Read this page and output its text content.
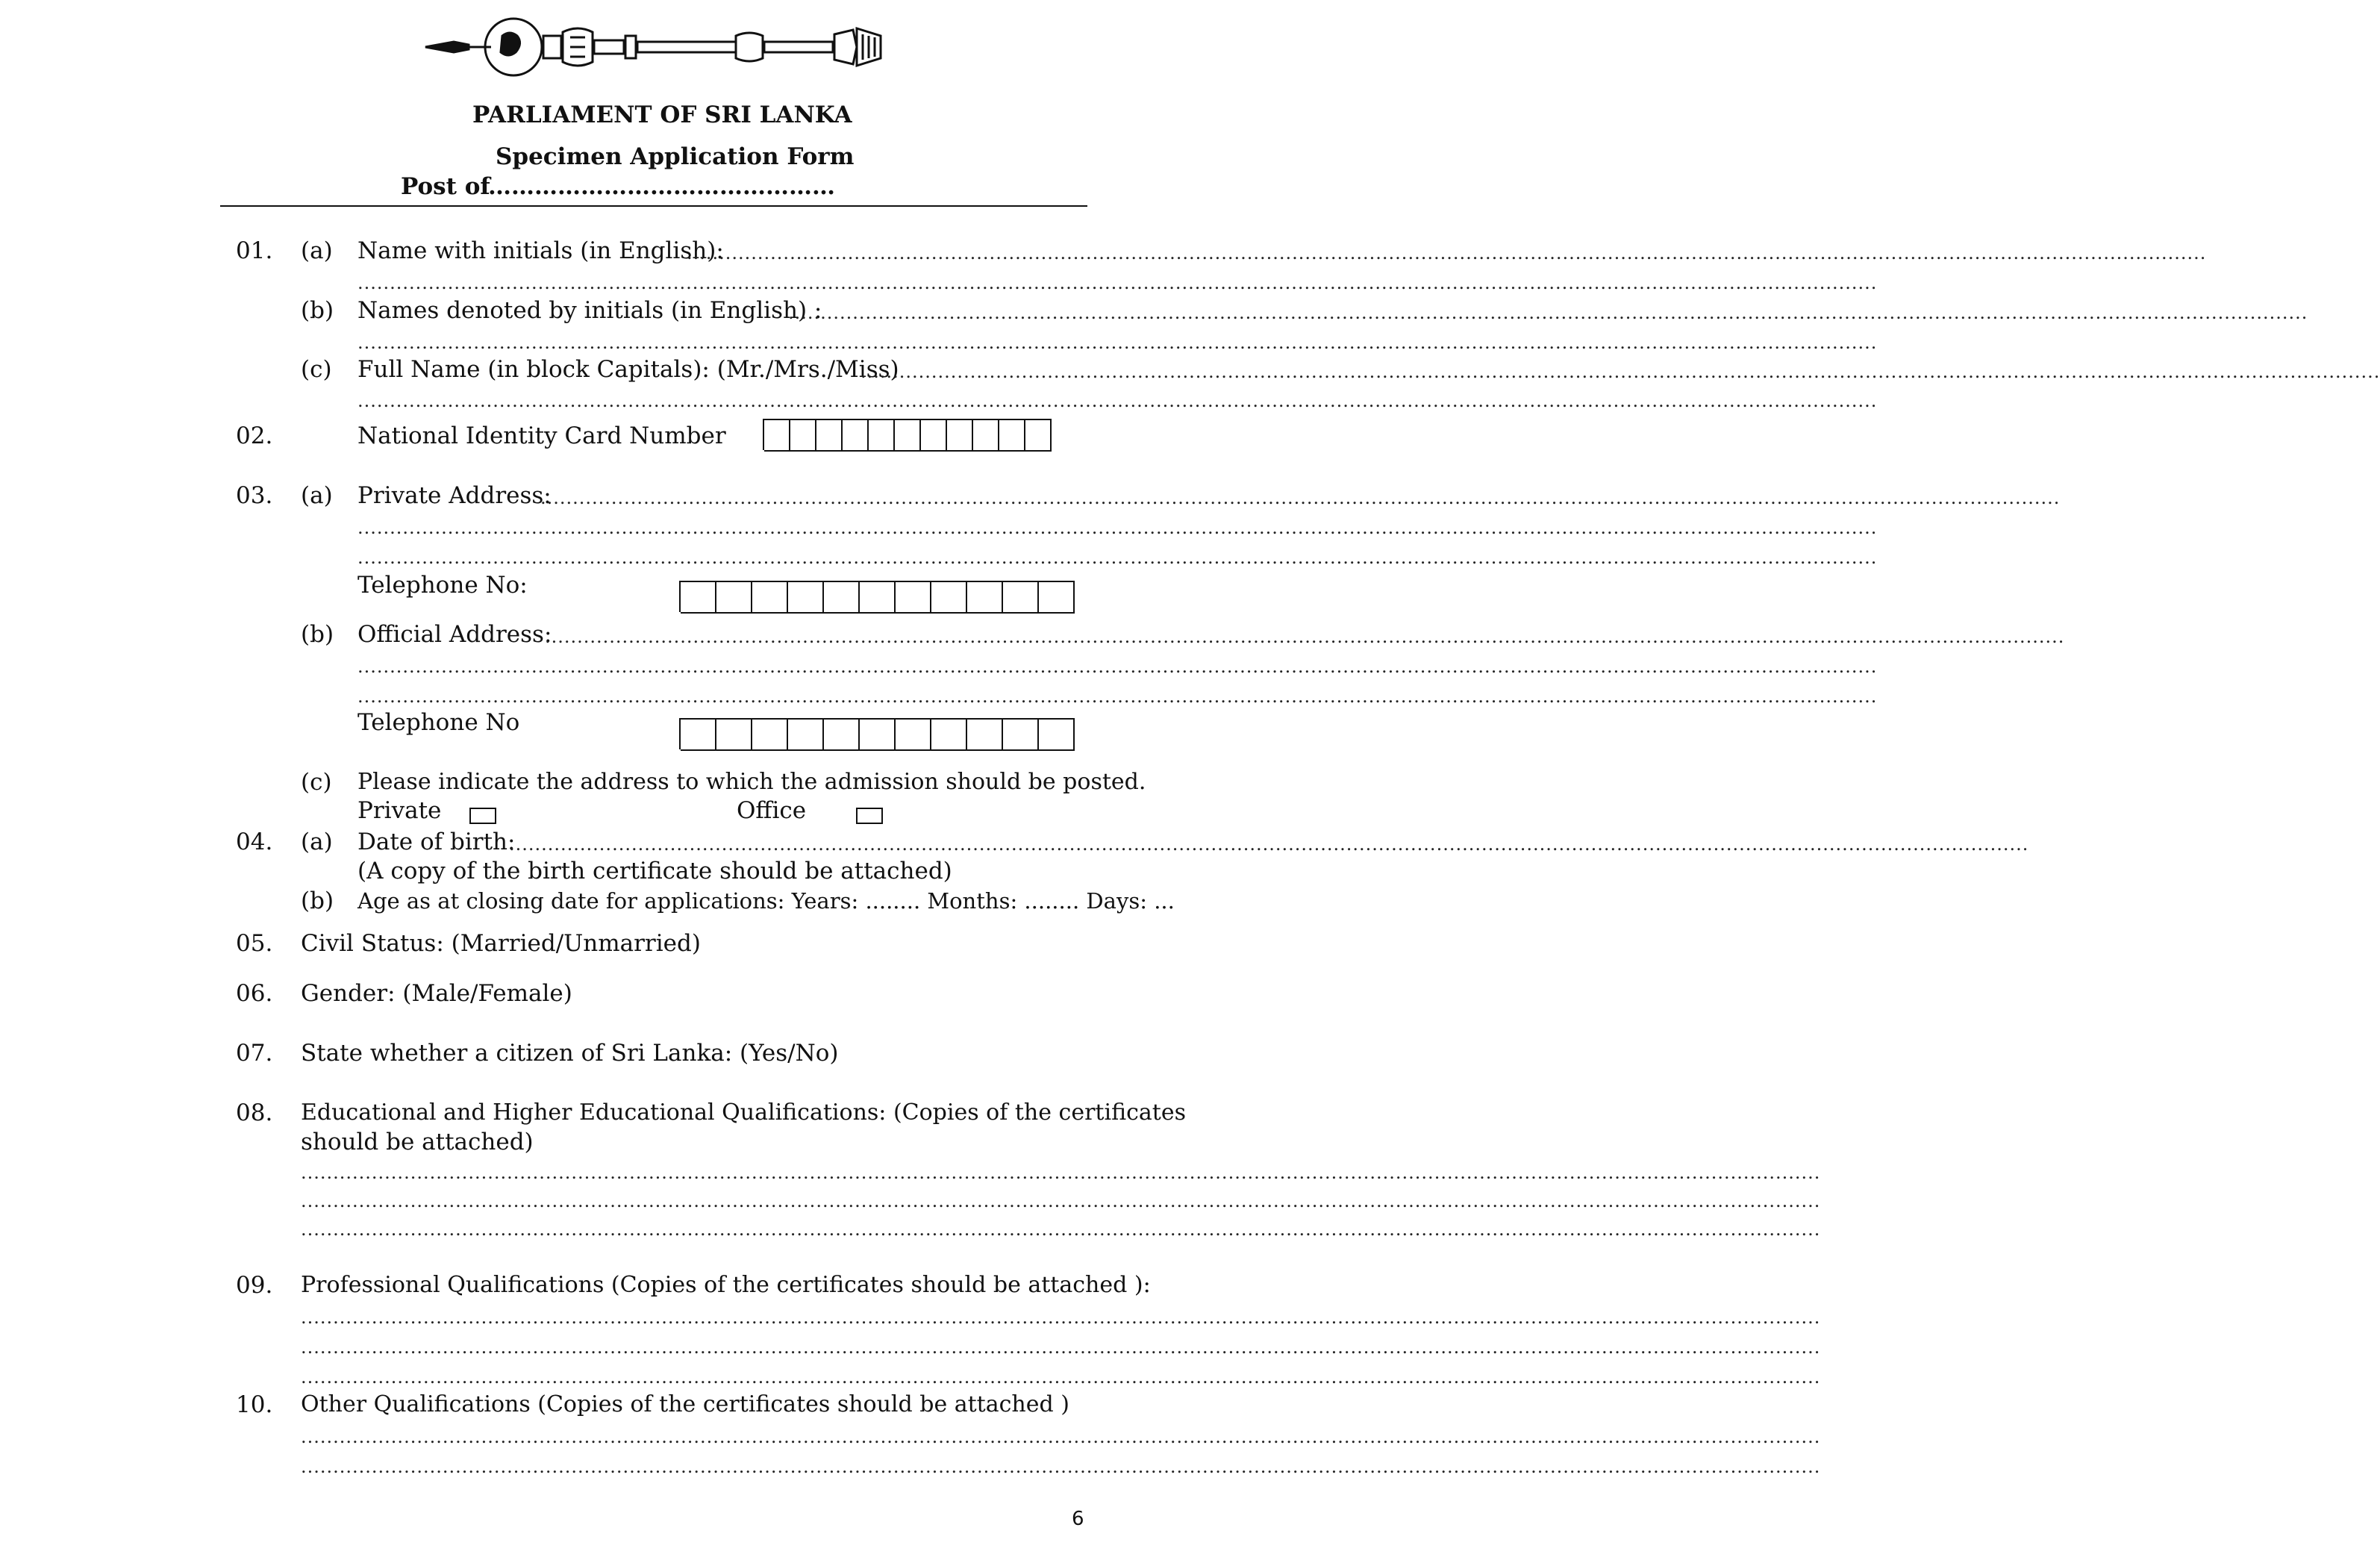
PARLIAMENT OF SRI LANKA
Specimen Application Form
Post of
………………………………………
01. (a) Name with initials (in English):
............................................................................................................................................................................................................................................
............................................................................................................................................................................................................................................
(b) Names denoted by initials (in English) :
............................................................................................................................................................................................................................................
............................................................................................................................................................................................................................................
(c) Full Name (in block Capitals): (Mr./Mrs./Miss)
............................................................................................................................................................................................................................................
............................................................................................................................................................................................................................................
02.	National Identity Card Number
03. (a) Private Address:
............................................................................................................................................................................................................................................
............................................................................................................................................................................................................................................
............................................................................................................................................................................................................................................
Telephone No:
(b) Official Address:
............................................................................................................................................................................................................................................
............................................................................................................................................................................................................................................
............................................................................................................................................................................................................................................
Telephone No
(c) Please indicate the address to which the admission should be posted.
Private	Office
04. (a) Date of birth:
............................................................................................................................................................................................................................................
(A copy of the birth certificate should be attached)
(b) Age as at closing date for applications: Years: ........ Months: ........ Days: ...
05. Civil Status: (Married/Unmarried)
06. Gender: (Male/Female)
07. State whether a citizen of Sri Lanka: (Yes/No)
08. Educational and Higher Educational Qualifications: (Copies of the certificates
should be attached)
............................................................................................................................................................................................................................................
............................................................................................................................................................................................................................................
............................................................................................................................................................................................................................................
09. Professional Qualifications (Copies of the certificates should be attached ):
............................................................................................................................................................................................................................................
............................................................................................................................................................................................................................................
............................................................................................................................................................................................................................................
10. Other Qualifications (Copies of the certificates should be attached )
............................................................................................................................................................................................................................................
............................................................................................................................................................................................................................................
6
